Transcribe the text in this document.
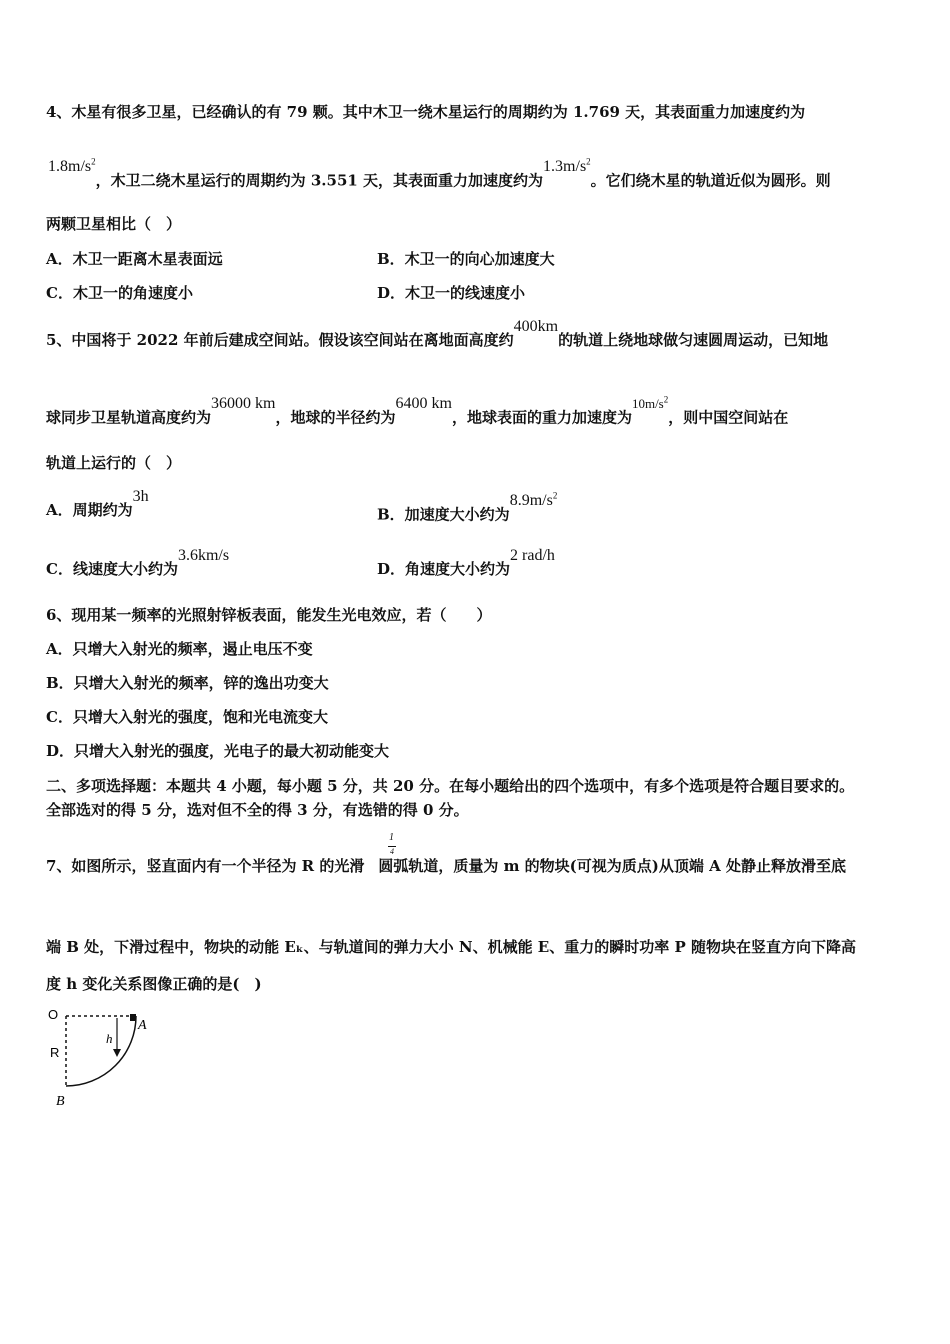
4、木星有很多卫星，已经确认的有 79 颗。其中木卫一绕木星运行的周期约为 1.769 天，其表面重力加速度约为
$1.8m/s^2$，木卫二绕木星运行的周期约为 3.551 天，其表面重力加速度约为$1.3m/s^2$。它们绕木星的轨道近似为圆形。则
两颗卫星相比（　）
A．木卫一距离木星表面远	B．木卫一的向心加速度大
C．木卫一的角速度小	D．木卫一的线速度小
5、中国将于 2022 年前后建成空间站。假设该空间站在离地面高度约400km的轨道上绕地球做匀速圆周运动，已知地
球同步卫星轨道高度约为36000 km，地球的半径约为6400 km，地球表面的重力加速度为$10m/s^2$，则中国空间站在
轨道上运行的（　）
A．周期约为3h
B．加速度大小约为$8.9m/s^2$
C．线速度大小约为3.6km/s
D．角速度大小约为2 rad/h
6、现用某一频率的光照射锌板表面，能发生光电效应，若（　　）
A．只增大入射光的频率，遏止电压不变
B．只增大入射光的频率，锌的逸出功变大
C．只增大入射光的强度，饱和光电流变大
D．只增大入射光的强度，光电子的最大初动能变大
二、多项选择题：本题共 4 小题，每小题 5 分，共 20 分。在每小题给出的四个选项中，有多个选项是符合题目要求的。
全部选对的得 5 分，选对但不全的得 3 分，有选错的得 0 分。
7、如图所示，竖直面内有一个半径为 R 的光滑 圆弧轨道，质量为 m 的物块(可视为质点)从顶端 A 处静止释放滑至底
1
4
端 B 处，下滑过程中，物块的动能 Eₖ、与轨道间的弹力大小 N、机械能 E、重力的瞬时功率 P 随物块在竖直方向下降高
度 h 变化关系图像正确的是(　)
O
A
R
h
B
